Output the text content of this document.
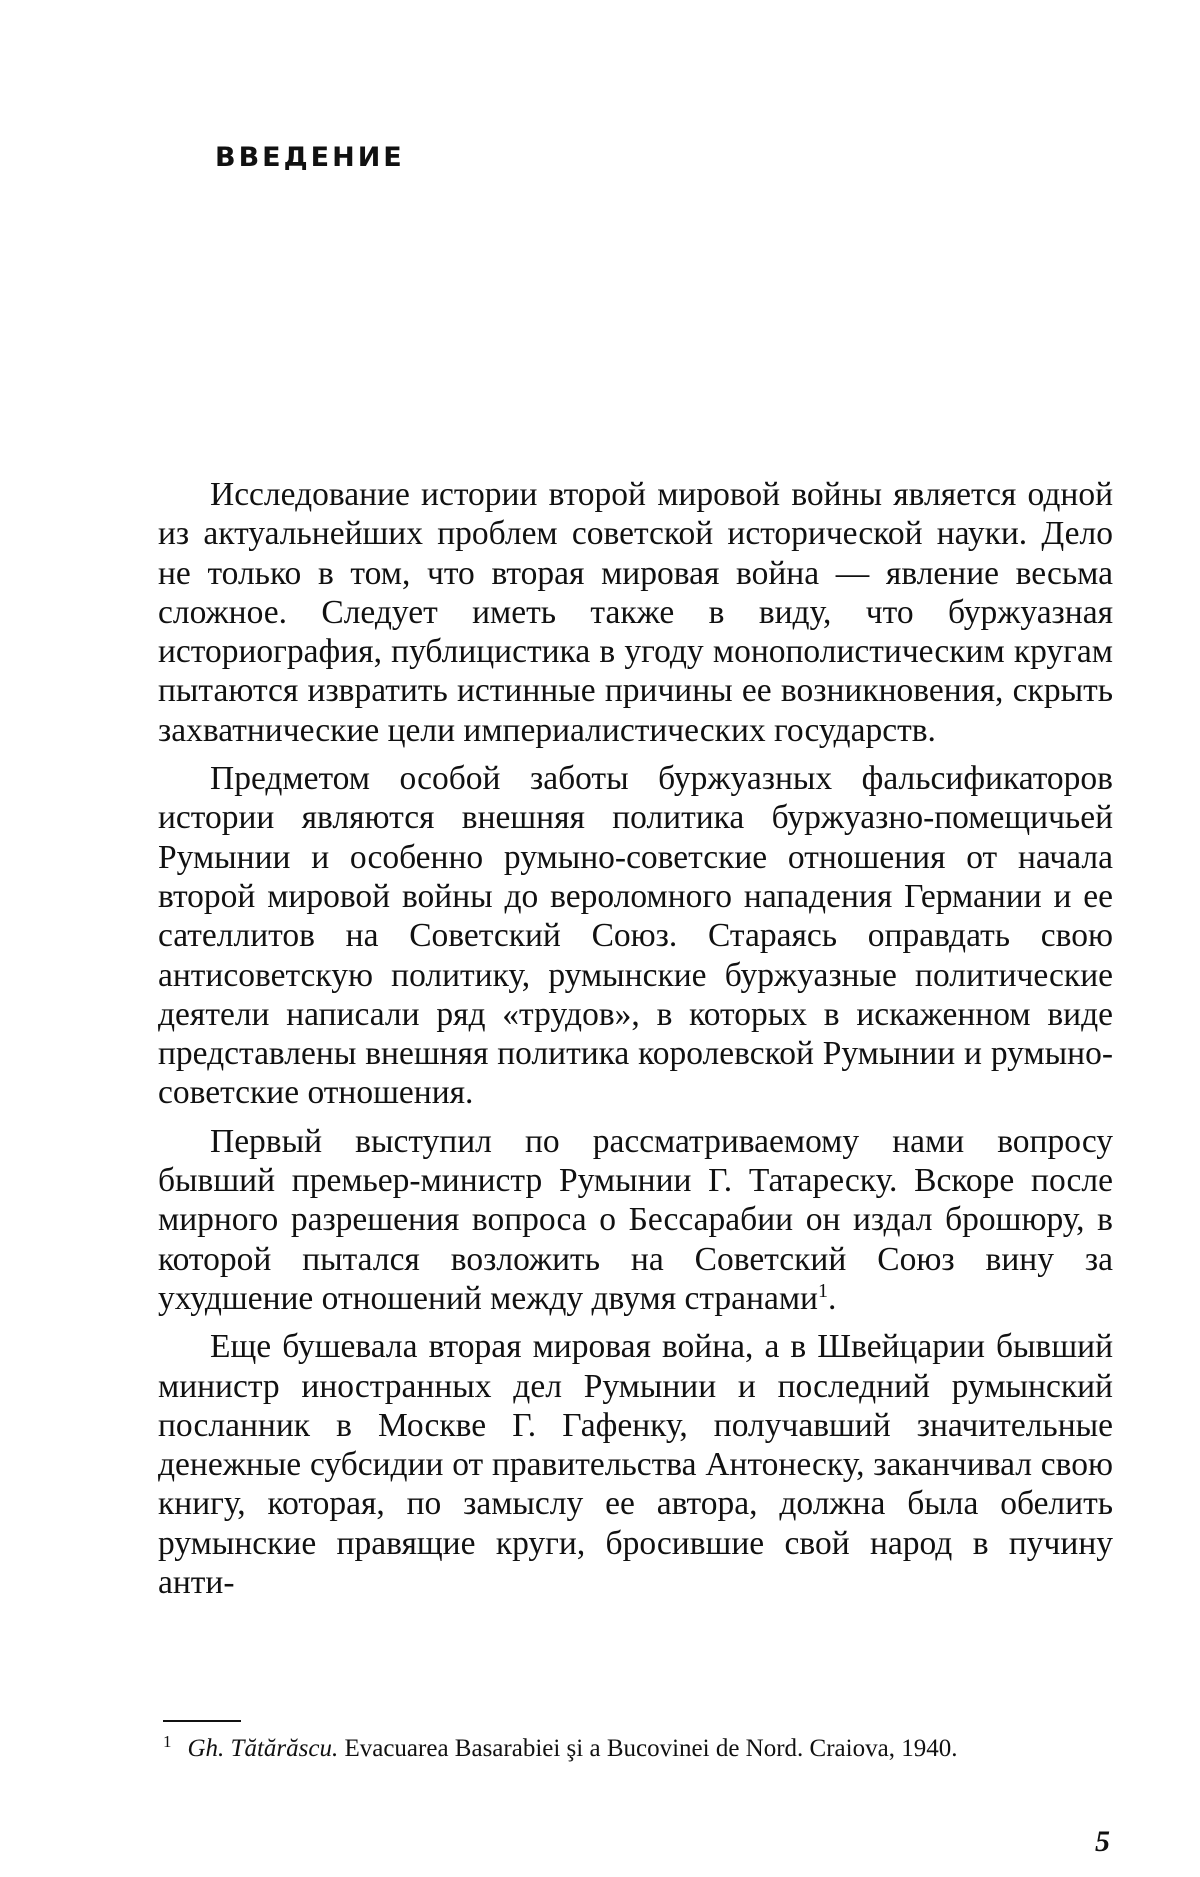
ВВЕДЕНИЕ

Исследование истории второй мировой войны является одной из актуальнейших проблем советской исторической науки. Дело не только в том, что вторая мировая война — явление весьма сложное. Следует иметь также в виду, что буржуазная историография, публицистика в угоду монополистическим кругам пытаются извратить истинные причины ее возникновения, скрыть захватнические цели империалистических государств.

Предметом особой заботы буржуазных фальсификаторов истории являются внешняя политика буржуазно-помещичьей Румынии и особенно румыно-советские отношения от начала второй мировой войны до вероломного нападения Германии и ее сателлитов на Советский Союз. Стараясь оправдать свою антисоветскую политику, румынские буржуазные политические деятели написали ряд «трудов», в которых в искаженном виде представлены внешняя политика королевской Румынии и румыно-советские отношения.

Первый выступил по рассматриваемому нами вопросу бывший премьер-министр Румынии Г. Татареску. Вскоре после мирного разрешения вопроса о Бессарабии он издал брошюру, в которой пытался возложить на Советский Союз вину за ухудшение отношений между двумя странами$^1$.

Еще бушевала вторая мировая война, а в Швейцарии бывший министр иностранных дел Румынии и последний румынский посланник в Москве Г. Гафенку, получавший значительные денежные субсидии от правительства Антонеску, заканчивал свою книгу, которая, по замыслу ее автора, должна была обелить румынские правящие круги, бросившие свой народ в пучину анти-

$^1$ Gh. Tătărăscu. Evacuarea Basarabiei şi a Bucovinei de Nord. Craiova, 1940.
5
